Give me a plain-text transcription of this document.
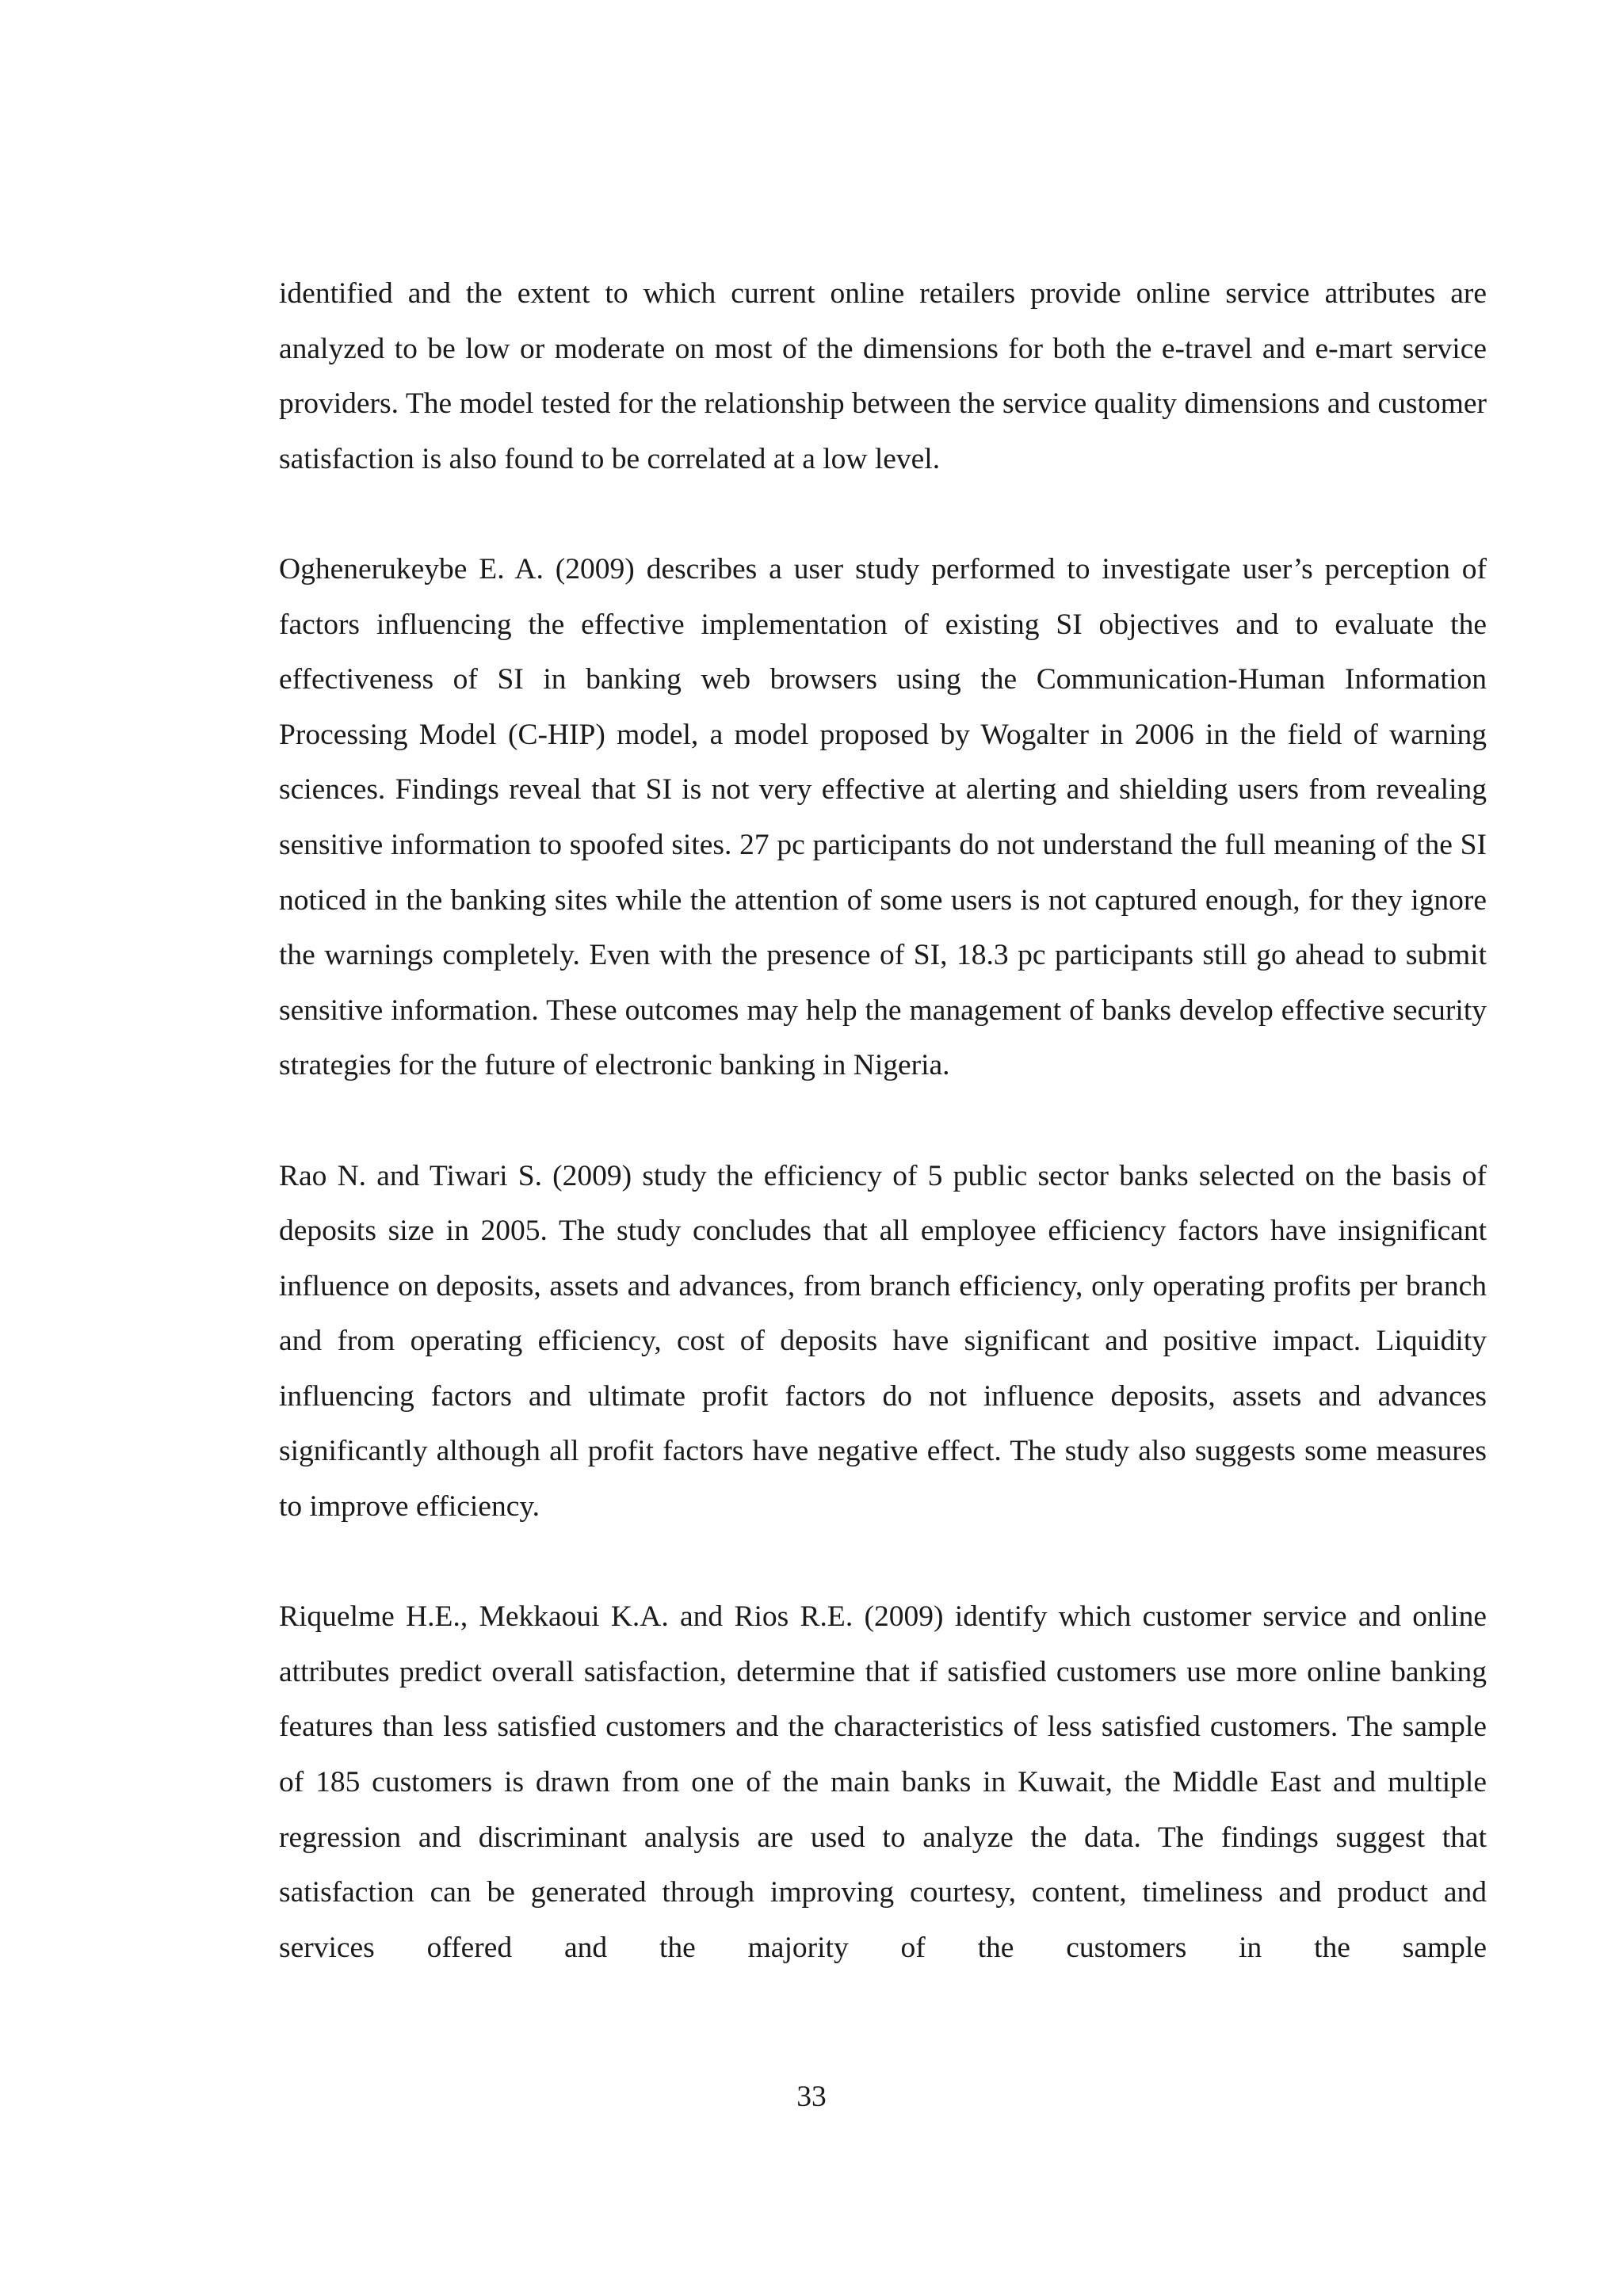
identified and the extent to which current online retailers provide online service attributes are analyzed to be low or moderate on most of the dimensions for both the e-travel and e-mart service providers. The model tested for the relationship between the service quality dimensions and customer satisfaction is also found to be correlated at a low level.

Oghenerukeybe E. A. (2009) describes a user study performed to investigate user’s perception of factors influencing the effective implementation of existing SI objectives and to evaluate the effectiveness of SI in banking web browsers using the Communication-Human Information Processing Model (C-HIP) model, a model proposed by Wogalter in 2006 in the field of warning sciences. Findings reveal that SI is not very effective at alerting and shielding users from revealing sensitive information to spoofed sites. 27 pc participants do not understand the full meaning of the SI noticed in the banking sites while the attention of some users is not captured enough, for they ignore the warnings completely. Even with the presence of SI, 18.3 pc participants still go ahead to submit sensitive information. These outcomes may help the management of banks develop effective security strategies for the future of electronic banking in Nigeria.

Rao N. and Tiwari S. (2009) study the efficiency of 5 public sector banks selected on the basis of deposits size in 2005. The study concludes that all employee efficiency factors have insignificant influence on deposits, assets and advances, from branch efficiency, only operating profits per branch and from operating efficiency, cost of deposits have significant and positive impact. Liquidity influencing factors and ultimate profit factors do not influence deposits, assets and advances significantly although all profit factors have negative effect. The study also suggests some measures to improve efficiency.

Riquelme H.E., Mekkaoui K.A. and Rios R.E. (2009) identify which customer service and online attributes predict overall satisfaction, determine that if satisfied customers use more online banking features than less satisfied customers and the characteristics of less satisfied customers. The sample of 185 customers is drawn from one of the main banks in Kuwait, the Middle East and multiple regression and discriminant analysis are used to analyze the data. The findings suggest that satisfaction can be generated through improving courtesy, content, timeliness and product and services offered and the majority of the customers in the sample

33
